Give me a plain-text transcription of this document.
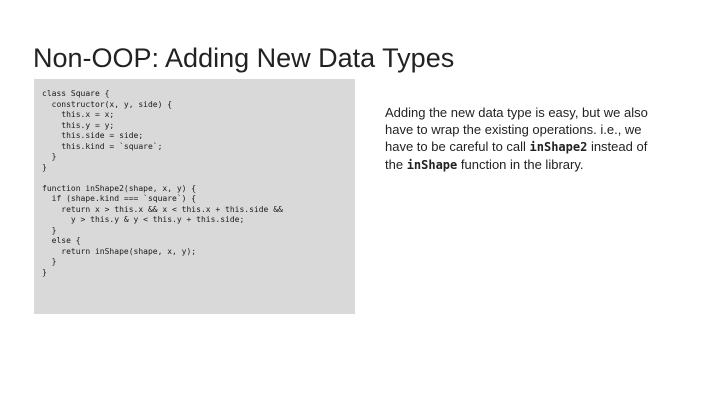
Non-OOP: Adding New Data Types
class Square {
constructor(x, y, side) {
this.x = x;
this.y = y;
this.side = side;
this.kind = `square`;
}
}

function inShape2(shape, x, y) {
if (shape.kind === `square`) {
return x > this.x && x < this.x + this.side &&
y > this.y & y < this.y + this.side;
}
else {
return inShape(shape, x, y);
}
}

Adding the new data type is easy, but we also have to wrap the existing operations. i.e., we have to be careful to call inShape2 instead of the inShape function in the library.
